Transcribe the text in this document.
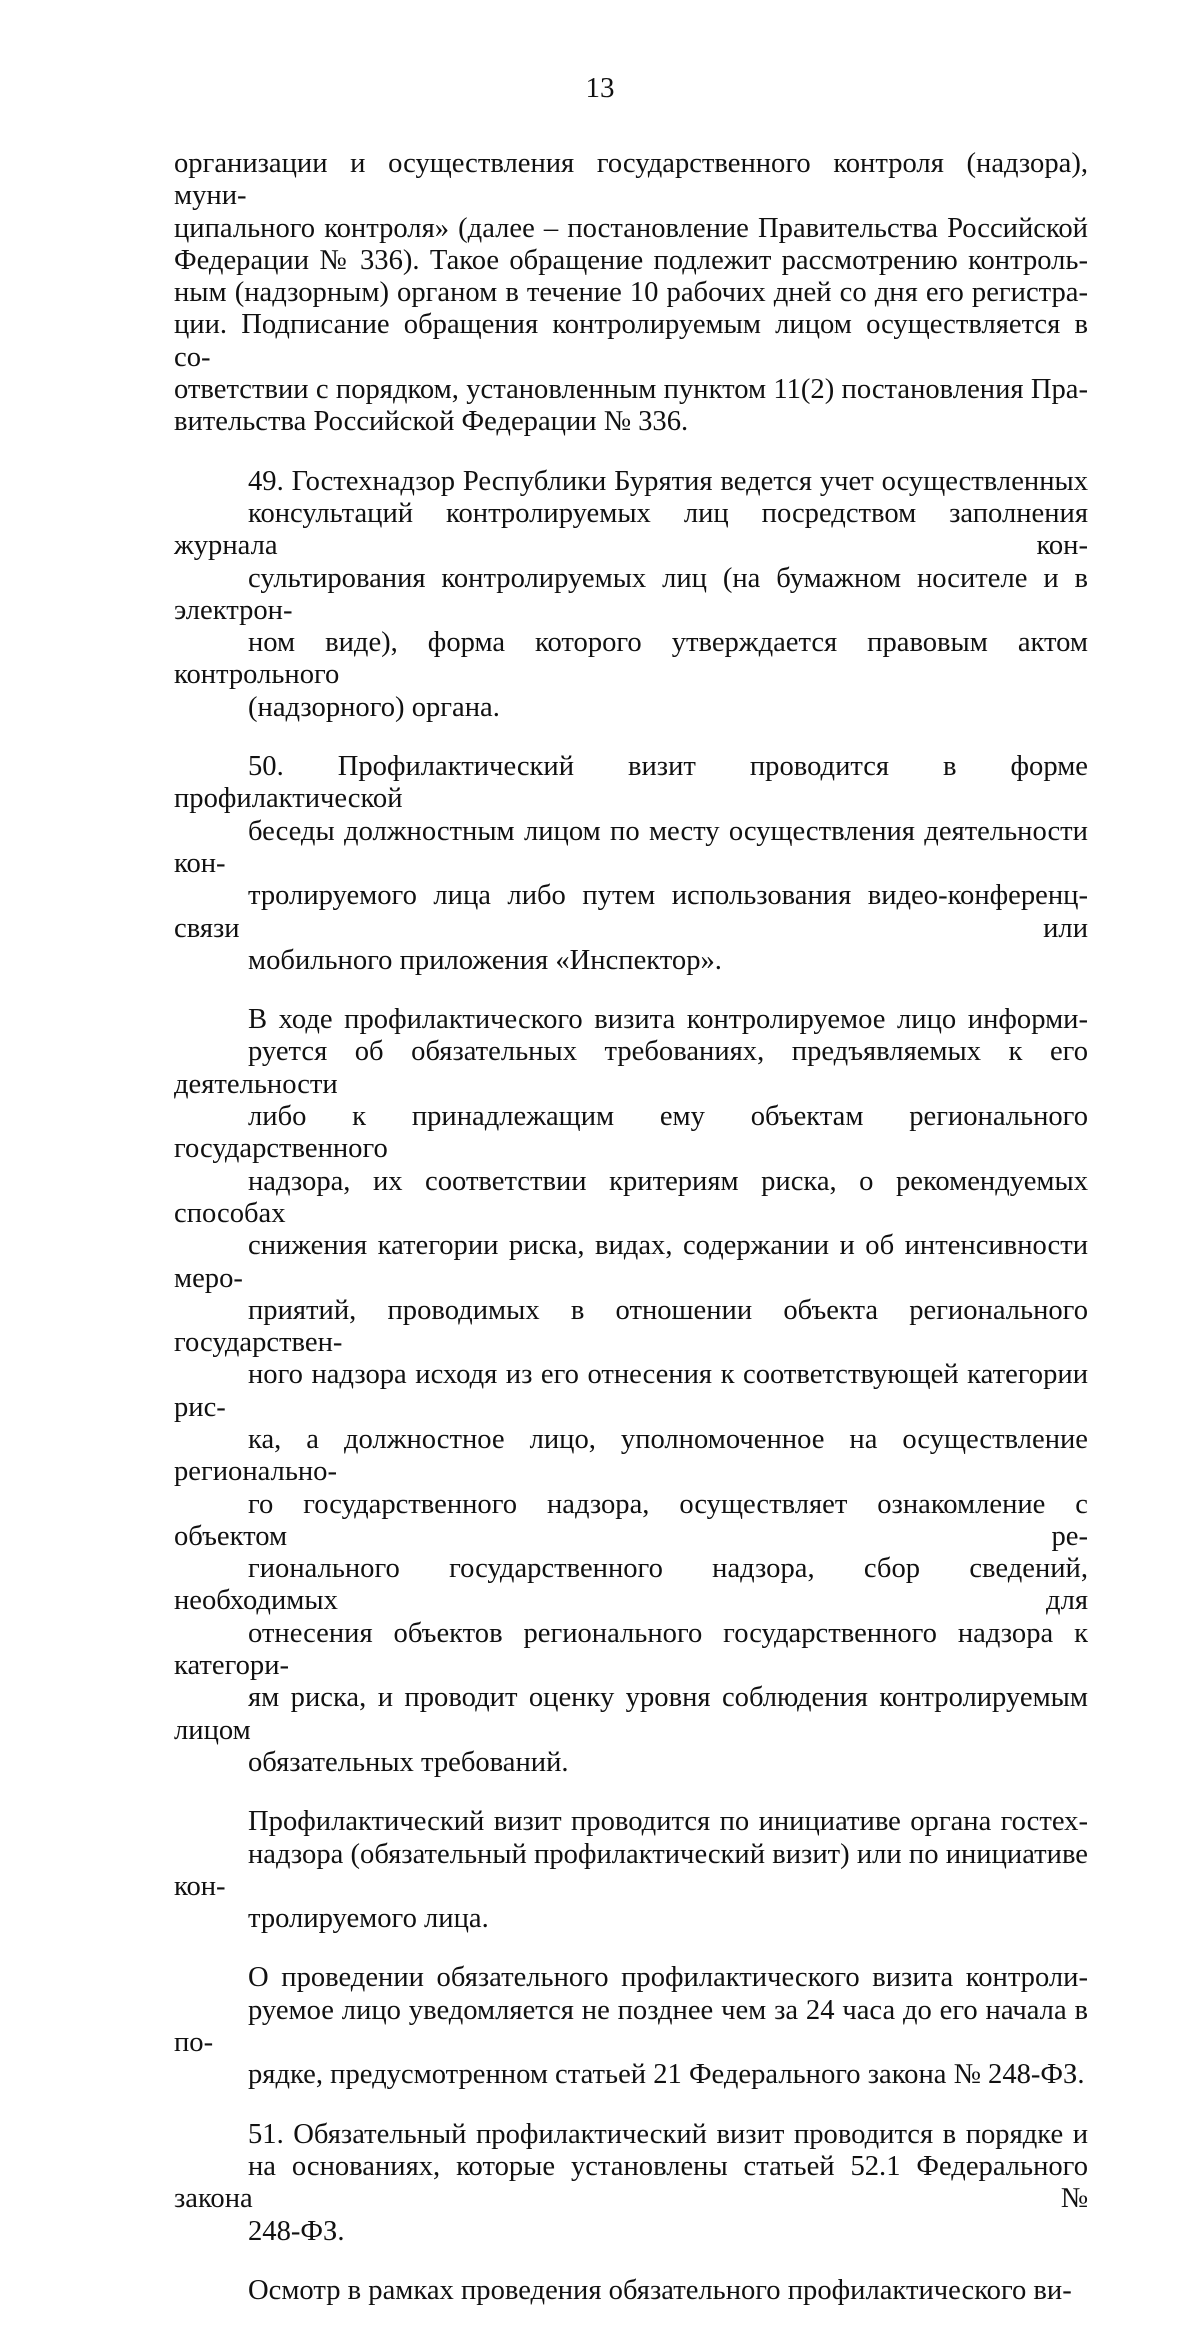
13
организации и осуществления государственного контроля (надзора), муни-
ципального контроля» (далее – постановление Правительства Российской
Федерации № 336). Такое обращение подлежит рассмотрению контроль-
ным (надзорным) органом в течение 10 рабочих дней со дня его регистра-
ции. Подписание обращения контролируемым лицом осуществляется в со-
ответствии с порядком, установленным пунктом 11(2) постановления Пра-
вительства Российской Федерации № 336.
49. Гостехнадзор Республики Бурятия ведется учет осуществленных
консультаций контролируемых лиц посредством заполнения журнала кон-
сультирования контролируемых лиц (на бумажном носителе и в электрон-
ном виде), форма которого утверждается правовым актом контрольного
(надзорного) органа.
50. Профилактический визит проводится в форме профилактической
беседы должностным лицом по месту осуществления деятельности кон-
тролируемого лица либо путем использования видео-конференц-связи или
мобильного приложения «Инспектор».
В ходе профилактического визита контролируемое лицо информи-
руется об обязательных требованиях, предъявляемых к его деятельности
либо к принадлежащим ему объектам регионального государственного
надзора, их соответствии критериям риска, о рекомендуемых способах
снижения категории риска, видах, содержании и об интенсивности меро-
приятий, проводимых в отношении объекта регионального государствен-
ного надзора исходя из его отнесения к соответствующей категории рис-
ка, а должностное лицо, уполномоченное на осуществление регионально-
го государственного надзора, осуществляет ознакомление с объектом ре-
гионального государственного надзора, сбор сведений, необходимых для
отнесения объектов регионального государственного надзора к категори-
ям риска, и проводит оценку уровня соблюдения контролируемым лицом
обязательных требований.
Профилактический визит проводится по инициативе органа гостех-
надзора (обязательный профилактический визит) или по инициативе кон-
тролируемого лица.
О проведении обязательного профилактического визита контроли-
руемое лицо уведомляется не позднее чем за 24 часа до его начала в по-
рядке, предусмотренном статьей 21 Федерального закона № 248-ФЗ.
51. Обязательный профилактический визит проводится в порядке и
на основаниях, которые установлены статьей 52.1 Федерального закона №
248-ФЗ.
Осмотр в рамках проведения обязательного профилактического ви-
